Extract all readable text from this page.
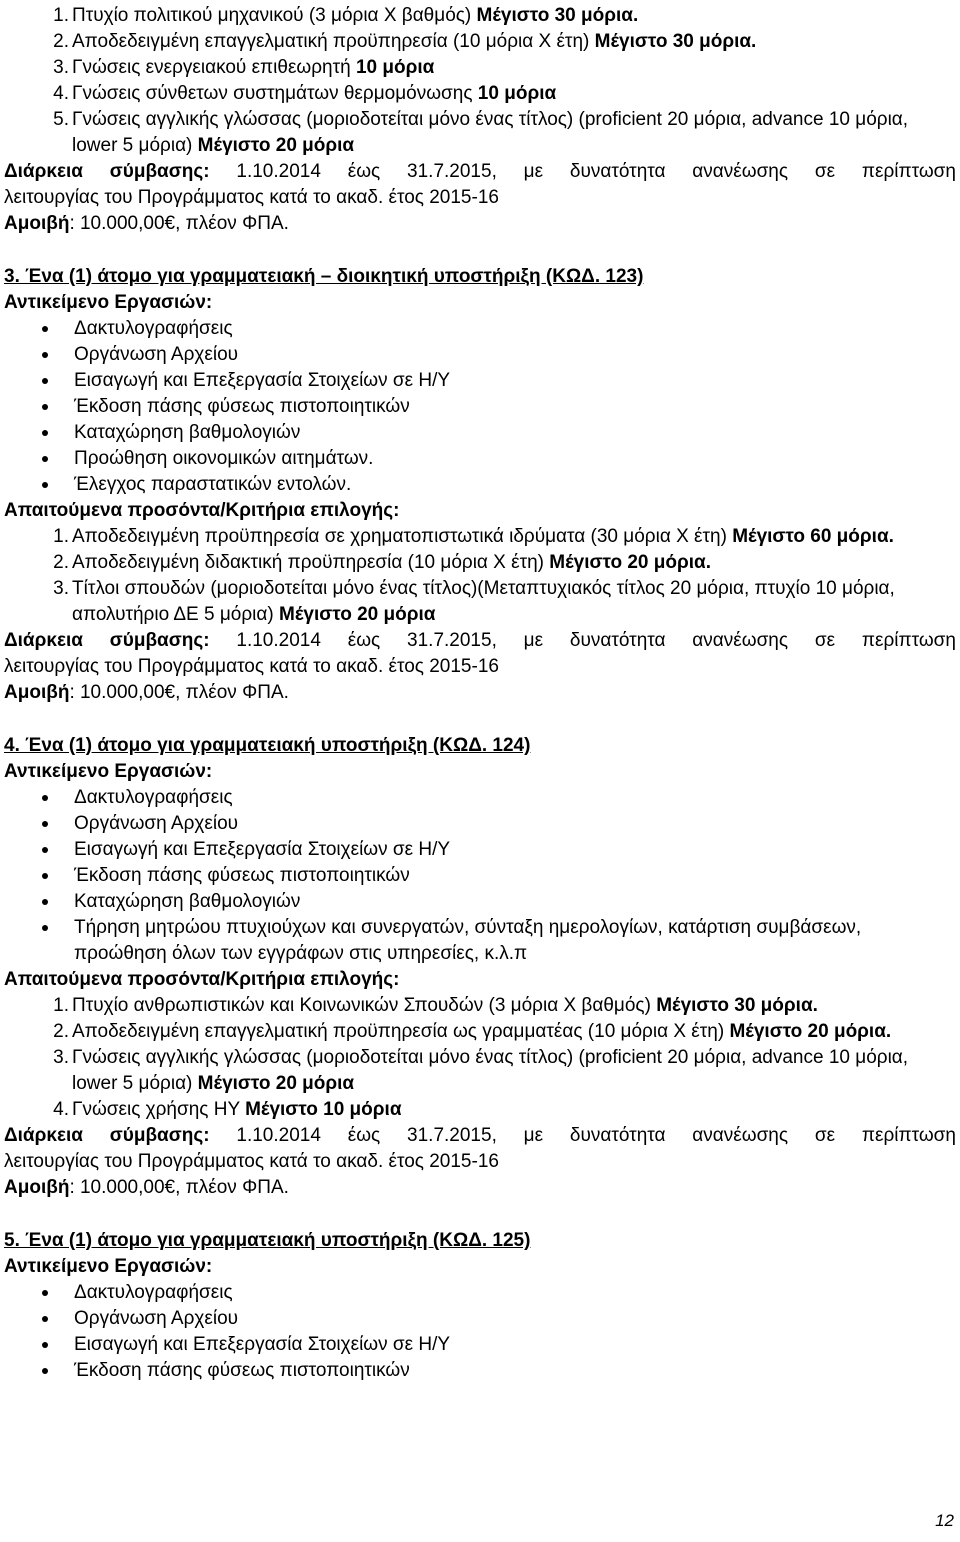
1. Πτυχίο πολιτικού μηχανικού (3 μόρια Χ βαθμός) Μέγιστο 30 μόρια.
2. Αποδεδειγμένη επαγγελματική προϋπηρεσία (10 μόρια Χ έτη) Μέγιστο 30 μόρια.
3. Γνώσεις ενεργειακού επιθεωρητή 10 μόρια
4. Γνώσεις σύνθετων συστημάτων θερμομόνωσης 10 μόρια
5. Γνώσεις αγγλικής γλώσσας (μοριοδοτείται μόνο ένας τίτλος) (proficient 20 μόρια, advance 10 μόρια, lower 5 μόρια) Μέγιστο 20 μόρια
Διάρκεια σύμβασης: 1.10.2014 έως 31.7.2015, με δυνατότητα ανανέωσης σε περίπτωση
λειτουργίας του Προγράμματος κατά το ακαδ. έτος 2015-16
Αμοιβή: 10.000,00€, πλέον ΦΠΑ.
3. Ένα (1) άτομο για γραμματειακή – διοικητική υποστήριξη (ΚΩΔ. 123)
Αντικείμενο Εργασιών:
Δακτυλογραφήσεις
Οργάνωση Αρχείου
Εισαγωγή και Επεξεργασία Στοιχείων σε Η/Υ
Έκδοση πάσης φύσεως πιστοποιητικών
Καταχώρηση βαθμολογιών
Προώθηση οικονομικών αιτημάτων.
Έλεγχος παραστατικών εντολών.
Απαιτούμενα προσόντα/Κριτήρια επιλογής:
1. Αποδεδειγμένη προϋπηρεσία σε χρηματοπιστωτικά ιδρύματα (30 μόρια Χ έτη) Μέγιστο 60 μόρια.
2. Αποδεδειγμένη διδακτική προϋπηρεσία (10 μόρια Χ έτη) Μέγιστο 20 μόρια.
3. Τίτλοι σπουδών (μοριοδοτείται μόνο ένας τίτλος)(Μεταπτυχιακός τίτλος 20 μόρια, πτυχίο 10 μόρια, απολυτήριο ΔΕ 5 μόρια) Μέγιστο 20 μόρια
Διάρκεια σύμβασης: 1.10.2014 έως 31.7.2015, με δυνατότητα ανανέωσης σε περίπτωση
λειτουργίας του Προγράμματος κατά το ακαδ. έτος 2015-16
Αμοιβή: 10.000,00€, πλέον ΦΠΑ.
4. Ένα (1) άτομο για γραμματειακή υποστήριξη (ΚΩΔ. 124)
Αντικείμενο Εργασιών:
Δακτυλογραφήσεις
Οργάνωση Αρχείου
Εισαγωγή και Επεξεργασία Στοιχείων σε Η/Υ
Έκδοση πάσης φύσεως πιστοποιητικών
Καταχώρηση βαθμολογιών
Τήρηση μητρώου πτυχιούχων και συνεργατών, σύνταξη ημερολογίων, κατάρτιση συμβάσεων, προώθηση όλων των εγγράφων στις υπηρεσίες, κ.λ.π
Απαιτούμενα προσόντα/Κριτήρια επιλογής:
1. Πτυχίο ανθρωπιστικών και Κοινωνικών Σπουδών (3 μόρια Χ βαθμός) Μέγιστο 30 μόρια.
2. Αποδεδειγμένη επαγγελματική προϋπηρεσία ως γραμματέας (10 μόρια Χ έτη) Μέγιστο 20 μόρια.
3. Γνώσεις αγγλικής γλώσσας (μοριοδοτείται μόνο ένας τίτλος) (proficient 20 μόρια, advance 10 μόρια, lower 5 μόρια) Μέγιστο 20 μόρια
4. Γνώσεις χρήσης ΗΥ Μέγιστο 10 μόρια
Διάρκεια σύμβασης: 1.10.2014 έως 31.7.2015, με δυνατότητα ανανέωσης σε περίπτωση
λειτουργίας του Προγράμματος κατά το ακαδ. έτος 2015-16
Αμοιβή: 10.000,00€, πλέον ΦΠΑ.
5. Ένα (1) άτομο για γραμματειακή υποστήριξη (ΚΩΔ. 125)
Αντικείμενο Εργασιών:
Δακτυλογραφήσεις
Οργάνωση Αρχείου
Εισαγωγή και Επεξεργασία Στοιχείων σε Η/Υ
Έκδοση πάσης φύσεως πιστοποιητικών
12
